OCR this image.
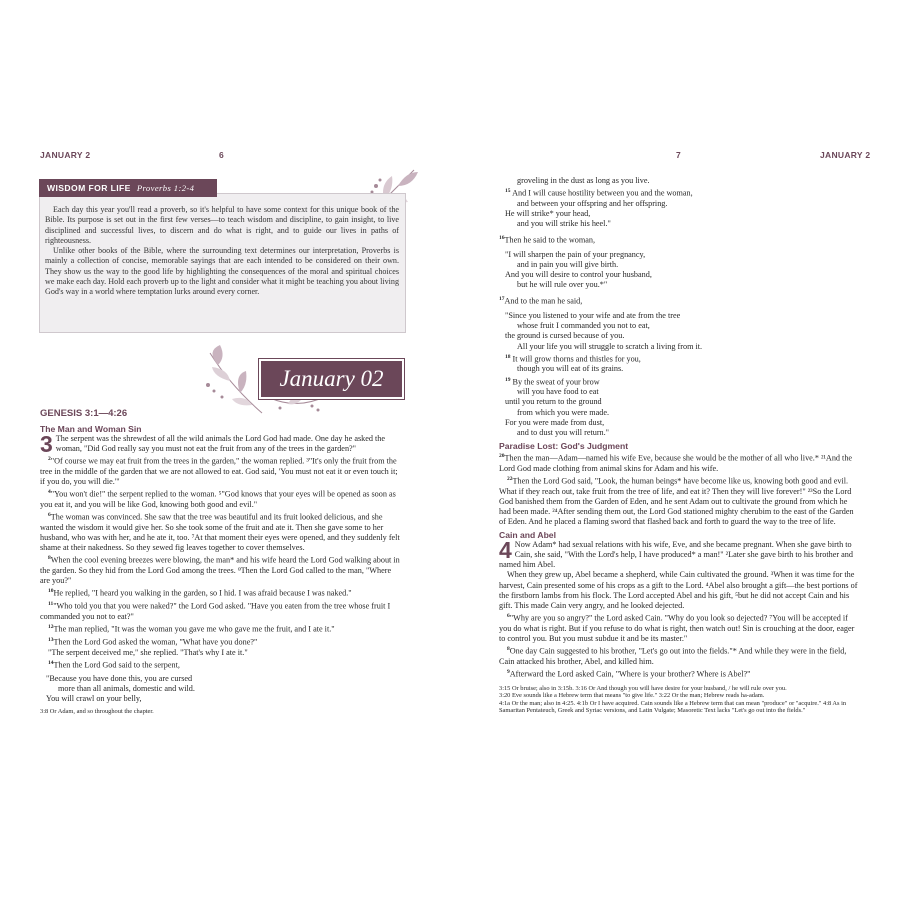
JANUARY 2	6
WISDOM FOR LIFE Proverbs 1:2-4

Each day this year you'll read a proverb, so it's helpful to have some context for this unique book of the Bible. Its purpose is set out in the first few verses—to teach wisdom and discipline, to gain insight, to live disciplined and successful lives, to discern and do what is right, and to guide our lives in paths of righteousness.

Unlike other books of the Bible, where the surrounding text determines our interpretation, Proverbs is mainly a collection of concise, memorable sayings that are each intended to be considered on their own. They show us the way to the good life by highlighting the consequences of the moral and spiritual choices we make each day. Hold each proverb up to the light and consider what it might be teaching you about living God's way in a world where temptation lurks around every corner.

January 02
GENESIS 3:1—4:26
The Man and Woman Sin

3 The serpent was the shrewdest of all the wild animals the Lord God had made. One day he asked the woman, "Did God really say you must not eat the fruit from any of the trees in the garden?"

$^2$"Of course we may eat fruit from the trees in the garden," the woman replied. ³"It's only the fruit from the tree in the middle of the garden that we are not allowed to eat. God said, 'You must not eat it or even touch it; if you do, you will die.'"

$^4$"You won't die!" the serpent replied to the woman. ⁵"God knows that your eyes will be opened as soon as you eat it, and you will be like God, knowing both good and evil."

$^6$The woman was convinced. She saw that the tree was beautiful and its fruit looked delicious, and she wanted the wisdom it would give her. So she took some of the fruit and ate it. Then she gave some to her husband, who was with her, and he ate it, too. ⁷At that moment their eyes were opened, and they suddenly felt shame at their nakedness. So they sewed fig leaves together to cover themselves.

$^8$When the cool evening breezes were blowing, the man* and his wife heard the Lord God walking about in the garden. So they hid from the Lord God among the trees. ⁹Then the Lord God called to the man, "Where are you?"

$^{10}$He replied, "I heard you walking in the garden, so I hid. I was afraid because I was naked."

$^{11}$"Who told you that you were naked?" the Lord God asked. "Have you eaten from the tree whose fruit I commanded you not to eat?"

$^{12}$The man replied, "It was the woman you gave me who gave me the fruit, and I ate it."

$^{13}$Then the Lord God asked the woman, "What have you done?"

"The serpent deceived me," she replied. "That's why I ate it."

$^{14}$Then the Lord God said to the serpent,

"Because you have done this, you are cursed
more than all animals, domestic and wild.
You will crawl on your belly,
3:8 Or Adam, and so throughout the chapter.
7	JANUARY 2
groveling in the dust as long as you live.
$^{15}$ And I will cause hostility between you and the woman,
and between your offspring and her offspring.
He will strike* your head,
and you will strike his heel."

$^{16}$Then he said to the woman,

"I will sharpen the pain of your pregnancy,
and in pain you will give birth.
And you will desire to control your husband,
but he will rule over you.*"

$^{17}$And to the man he said,

"Since you listened to your wife and ate from the tree
whose fruit I commanded you not to eat,
the ground is cursed because of you.
All your life you will struggle to scratch a living from it.
$^{18}$ It will grow thorns and thistles for you,
though you will eat of its grains.
$^{19}$ By the sweat of your brow
will you have food to eat
until you return to the ground
from which you were made.
For you were made from dust,
and to dust you will return."
Paradise Lost: God's Judgment

$^{20}$Then the man—Adam—named his wife Eve, because she would be the mother of all who live.* ²¹And the Lord God made clothing from animal skins for Adam and his wife.

$^{22}$Then the Lord God said, "Look, the human beings* have become like us, knowing both good and evil. What if they reach out, take fruit from the tree of life, and eat it? Then they will live forever!" ²³So the Lord God banished them from the Garden of Eden, and he sent Adam out to cultivate the ground from which he had been made. ²⁴After sending them out, the Lord God stationed mighty cherubim to the east of the Garden of Eden. And he placed a flaming sword that flashed back and forth to guard the way to the tree of life.

Cain and Abel

4 Now Adam* had sexual relations with his wife, Eve, and she became pregnant. When she gave birth to Cain, she said, "With the Lord's help, I have produced* a man!" ²Later she gave birth to his brother and named him Abel.

When they grew up, Abel became a shepherd, while Cain cultivated the ground. ³When it was time for the harvest, Cain presented some of his crops as a gift to the Lord. ⁴Abel also brought a gift—the best portions of the firstborn lambs from his flock. The Lord accepted Abel and his gift, ⁵but he did not accept Cain and his gift. This made Cain very angry, and he looked dejected.

$^6$"Why are you so angry?" the Lord asked Cain. "Why do you look so dejected? ⁷You will be accepted if you do what is right. But if you refuse to do what is right, then watch out! Sin is crouching at the door, eager to control you. But you must subdue it and be its master."

$^8$One day Cain suggested to his brother, "Let's go out into the fields."* And while they were in the field, Cain attacked his brother, Abel, and killed him.

$^9$Afterward the Lord asked Cain, "Where is your brother? Where is Abel?"

3:15 Or bruise; also in 3:15b. 3:16 Or And though you will have desire for your husband, / he will rule over you.
3:20 Eve sounds like a Hebrew term that means "to give life." 3:22 Or the man; Hebrew reads ha-adam.
4:1a Or the man; also in 4:25. 4:1b Or I have acquired. Cain sounds like a Hebrew term that can mean "produce" or "acquire." 4:8 As in Samaritan Pentateuch, Greek and Syriac versions, and Latin Vulgate; Masoretic Text lacks "Let's go out into the fields."
